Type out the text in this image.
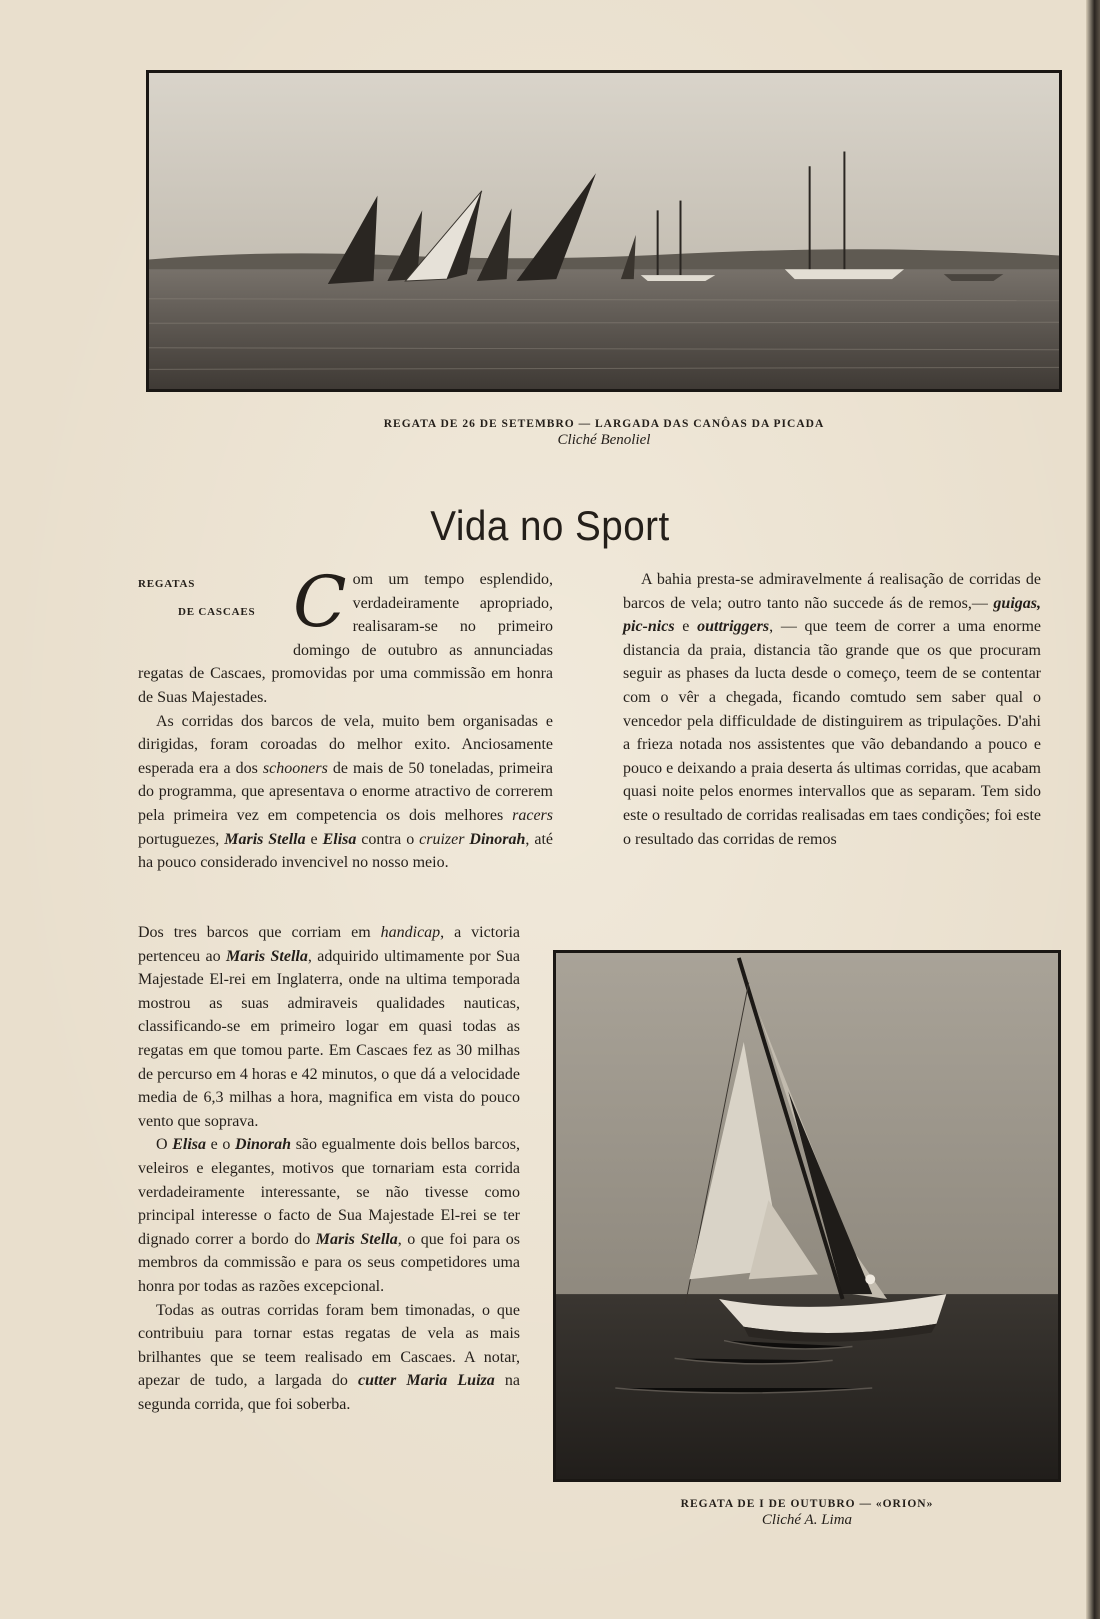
REGATA DE 26 DE SETEMBRO — LARGADA DAS CANÔAS DA PICADA
Cliché Benoliel
Vida no Sport
REGATAS
DE CASCAES C om um tempo esplendido, verdadeiramente apropriado, realisaram-se no primeiro domingo de outubro as annunciadas regatas de Cascaes, promovidas por uma commissão em honra de Suas Majestades.

As corridas dos barcos de vela, muito bem organisadas e dirigidas, foram coroadas do melhor exito. Anciosamente esperada era a dos schooners de mais de 50 toneladas, primeira do programma, que apresentava o enorme atractivo de correrem pela primeira vez em competencia os dois melhores racers portuguezes, Maris Stella e Elisa contra o cruizer Dinorah, até ha pouco considerado invencivel no nosso meio.

Dos tres barcos que corriam em handicap, a victoria pertenceu ao Maris Stella, adquirido ultimamente por Sua Majestade El-rei em Inglaterra, onde na ultima temporada mostrou as suas admiraveis qualidades nauticas, classificando-se em primeiro logar em quasi todas as regatas em que tomou parte. Em Cascaes fez as 30 milhas de percurso em 4 horas e 42 minutos, o que dá a velocidade media de 6,3 milhas a hora, magnifica em vista do pouco vento que soprava.

O Elisa e o Dinorah são egualmente dois bellos barcos, veleiros e elegantes, motivos que tornariam esta corrida verdadeiramente interessante, se não tivesse como principal interesse o facto de Sua Majestade El-rei se ter dignado correr a bordo do Maris Stella, o que foi para os membros da commissão e para os seus competidores uma honra por todas as razões excepcional.

Todas as outras corridas foram bem timonadas, o que contribuiu para tornar estas regatas de vela as mais brilhantes que se teem realisado em Cascaes. A notar, apezar de tudo, a largada do cutter Maria Luiza na segunda corrida, que foi soberba.

A bahia presta-se admiravelmente á realisação de corridas de barcos de vela; outro tanto não succede ás de remos,— guigas, pic-nics e outtriggers, — que teem de correr a uma enorme distancia da praia, distancia tão grande que os que procuram seguir as phases da lucta desde o começo, teem de se contentar com o vêr a chegada, ficando comtudo sem saber qual o vencedor pela difficuldade de distinguirem as tripulações. D'ahi a frieza notada nos assistentes que vão debandando a pouco e pouco e deixando a praia deserta ás ultimas corridas, que acabam quasi noite pelos enormes intervallos que as separam. Tem sido este o resultado de corridas realisadas em taes condições; foi este o resultado das corridas de remos

REGATA DE I DE OUTUBRO — «ORION»
Cliché A. Lima
